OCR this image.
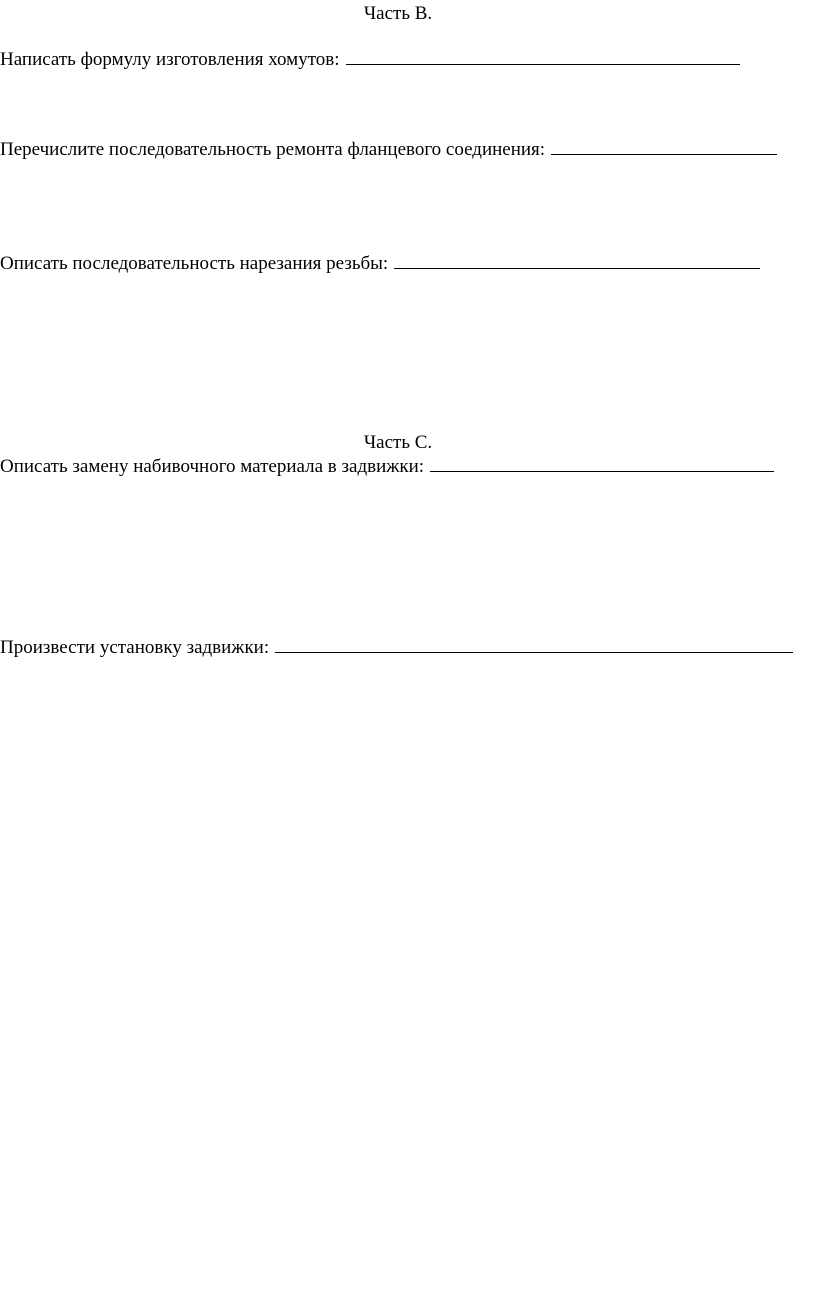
Часть В.
Написать формулу изготовления хомутов:
Перечислите последовательность ремонта фланцевого соединения:
Описать последовательность нарезания резьбы:
Часть С.
Описать замену набивочного материала в задвижки:
Произвести установку задвижки:
